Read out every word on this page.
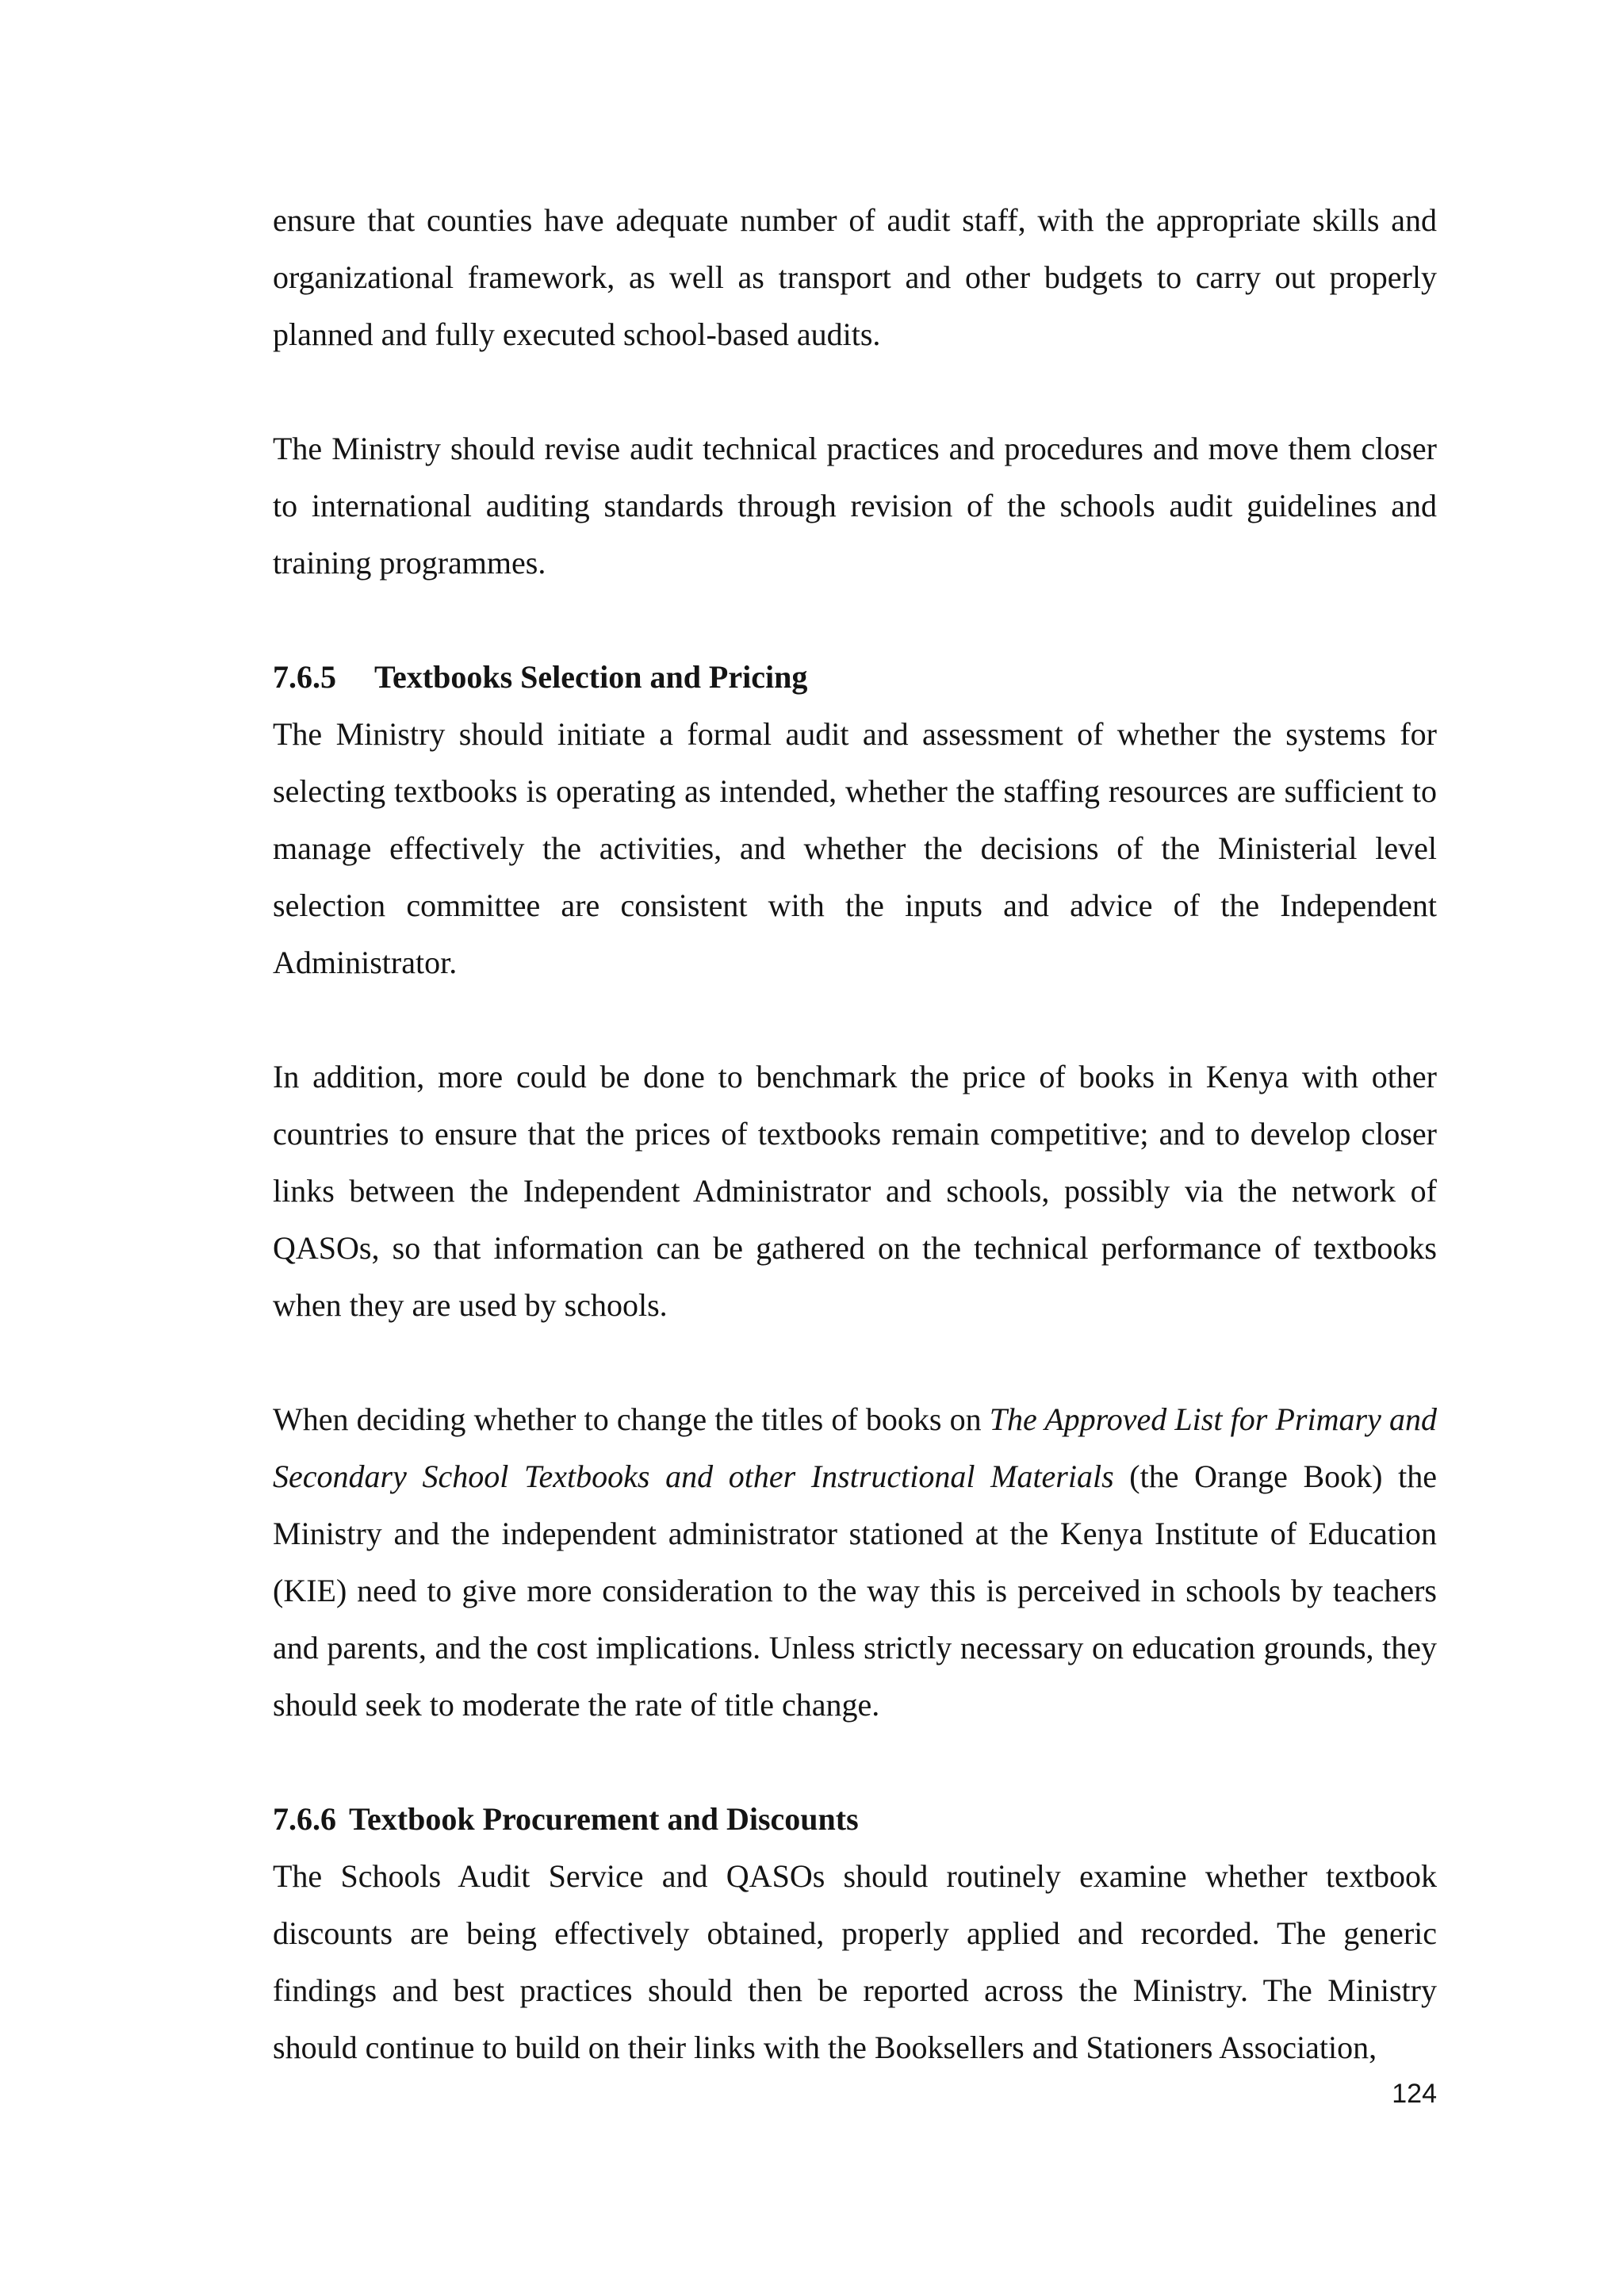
ensure that counties have adequate number of audit staff, with the appropriate skills and organizational framework, as well as transport and other budgets to carry out properly planned and fully executed school-based audits.

The Ministry should revise audit technical practices and procedures and move them closer to international auditing standards through revision of the schools audit guidelines and training programmes.

7.6.5 Textbooks Selection and Pricing

The Ministry should initiate a formal audit and assessment of whether the systems for selecting textbooks is operating as intended, whether the staffing resources are sufficient to manage effectively the activities, and whether the decisions of the Ministerial level selection committee are consistent with the inputs and advice of the Independent Administrator.

In addition, more could be done to benchmark the price of books in Kenya with other countries to ensure that the prices of textbooks remain competitive; and to develop closer links between the Independent Administrator and schools, possibly via the network of QASOs, so that information can be gathered on the technical performance of textbooks when they are used by schools.

When deciding whether to change the titles of books on The Approved List for Primary and Secondary School Textbooks and other Instructional Materials (the Orange Book) the Ministry and the independent administrator stationed at the Kenya Institute of Education (KIE) need to give more consideration to the way this is perceived in schools by teachers and parents, and the cost implications. Unless strictly necessary on education grounds, they should seek to moderate the rate of title change.

7.6.6 Textbook Procurement and Discounts

The Schools Audit Service and QASOs should routinely examine whether textbook discounts are being effectively obtained, properly applied and recorded. The generic findings and best practices should then be reported across the Ministry. The Ministry should continue to build on their links with the Booksellers and Stationers Association,

124
